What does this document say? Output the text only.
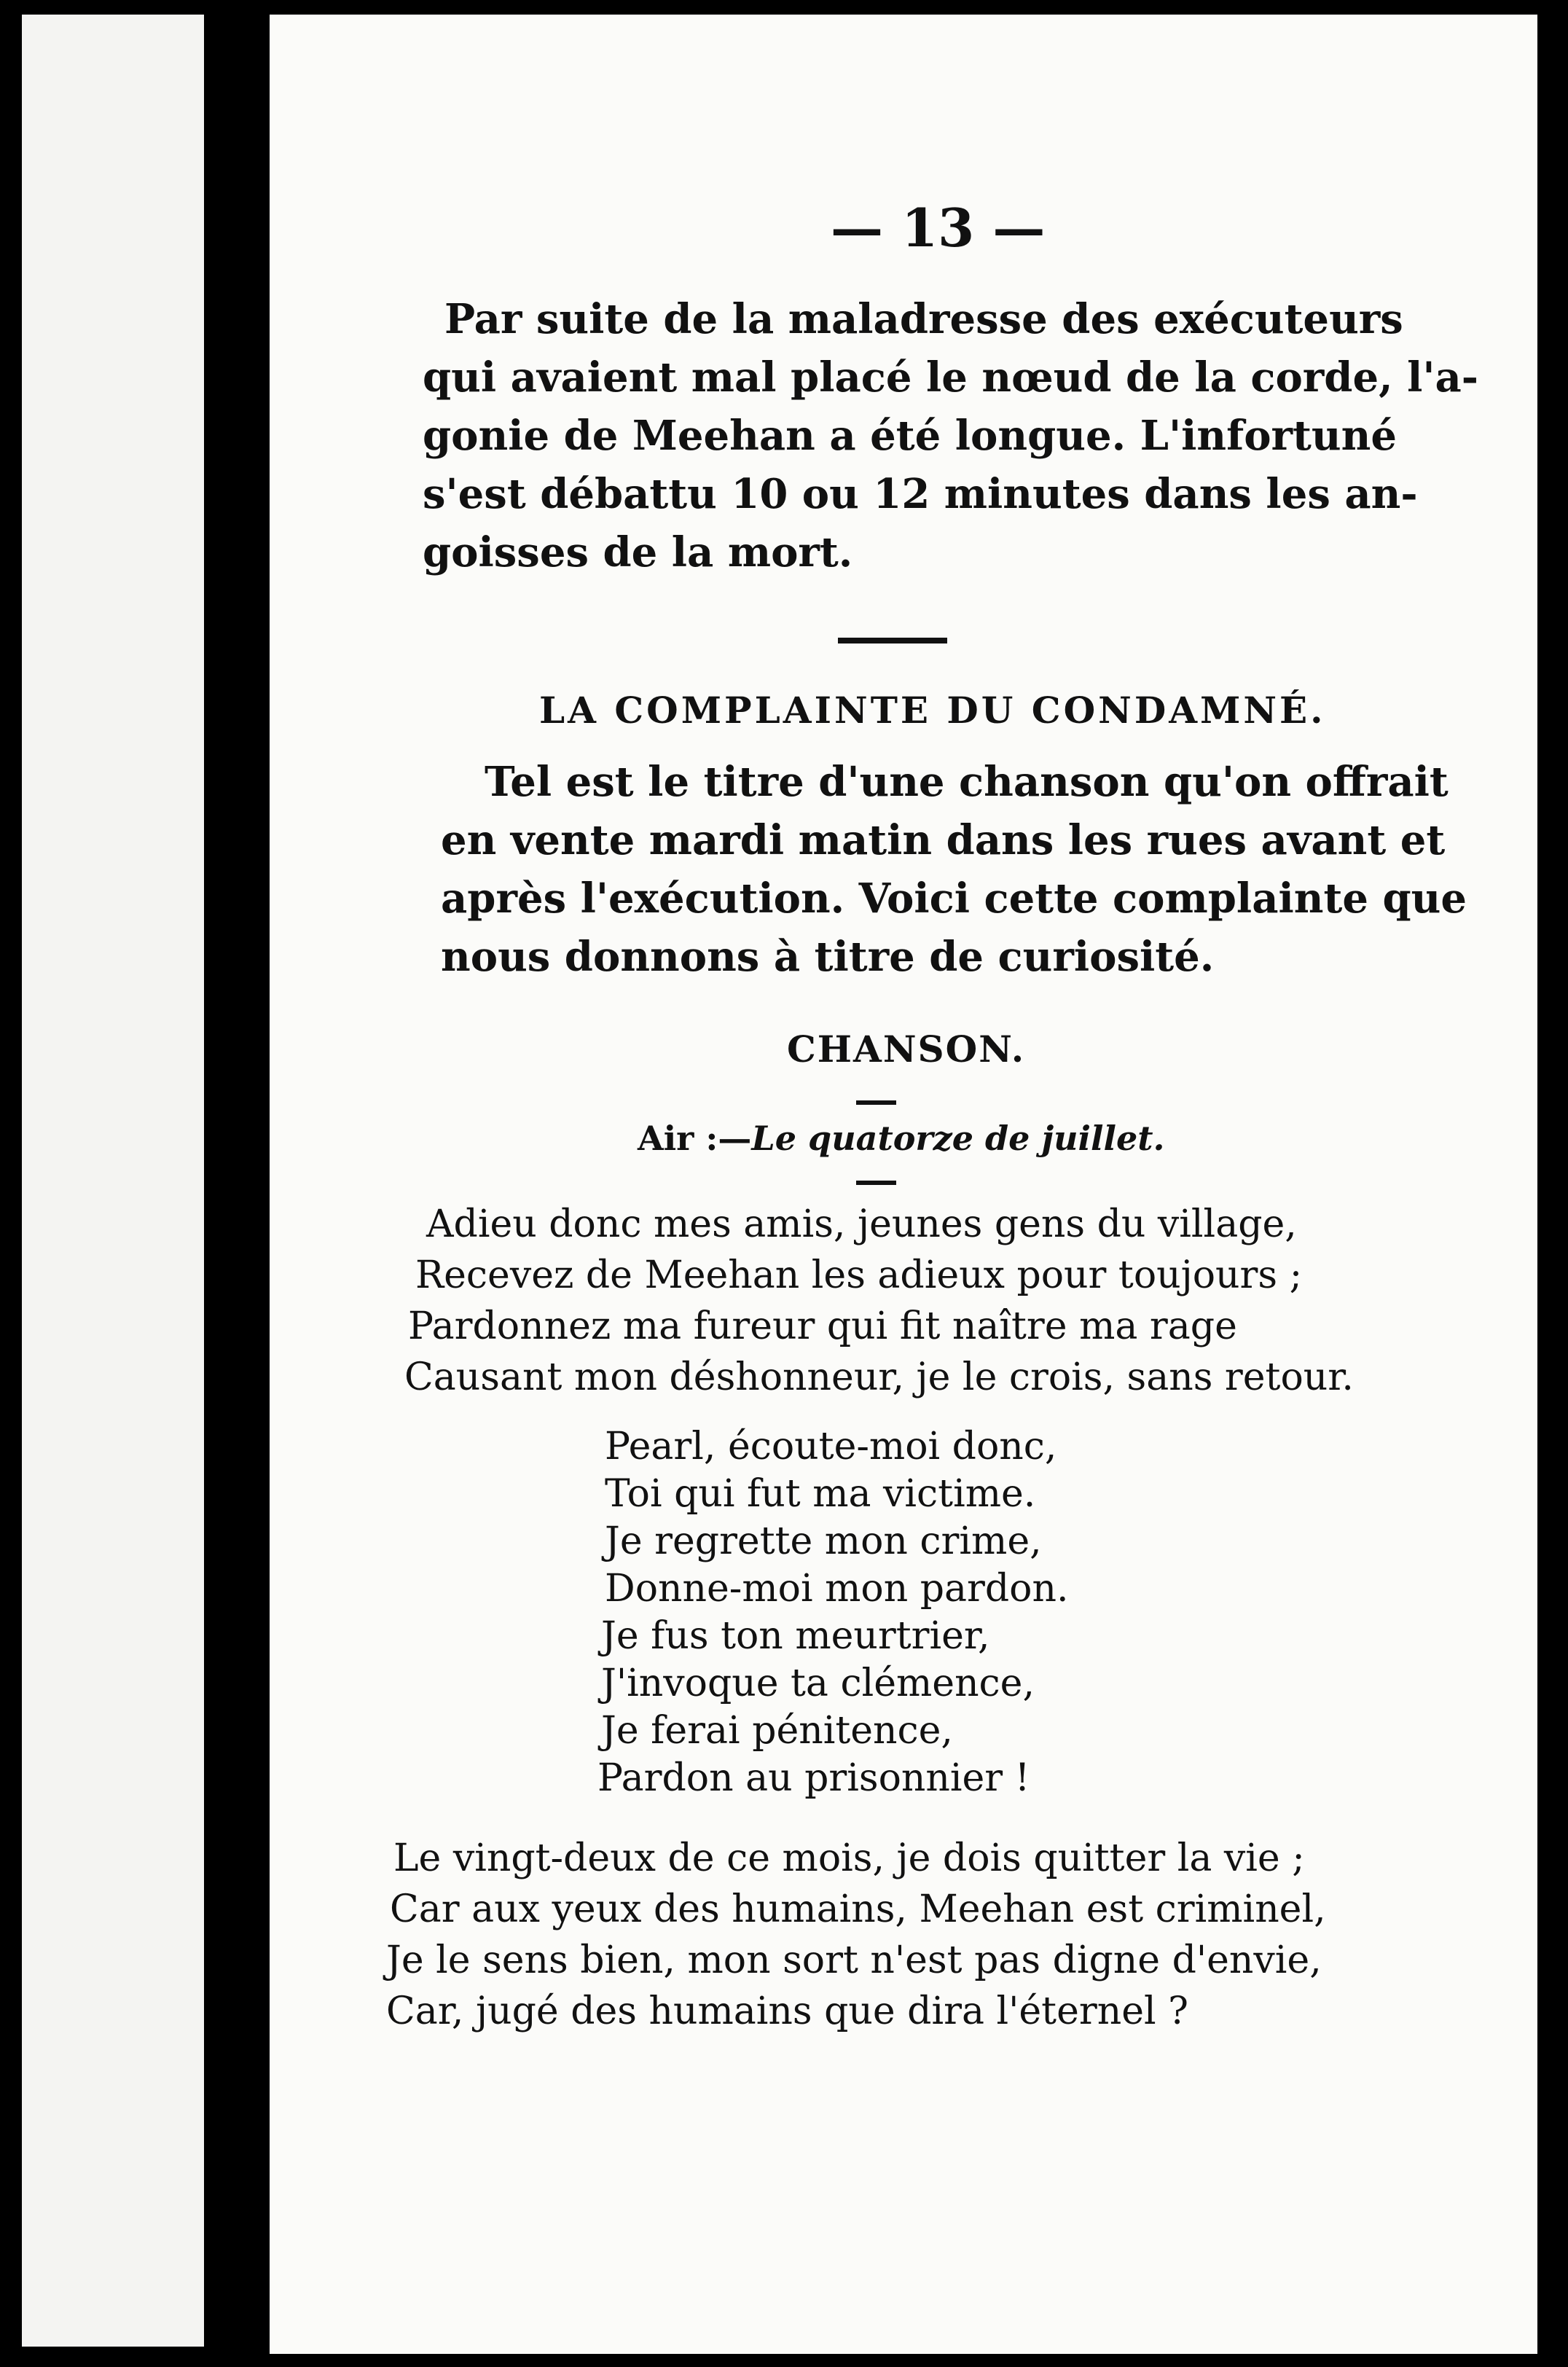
— 13 —
Par suite de la maladresse des exécuteurs
qui avaient mal placé le nœud de la corde, l'a-
gonie de Meehan a été longue. L'infortuné
s'est débattu 10 ou 12 minutes dans les an-
goisses de la mort.
LA COMPLAINTE DU CONDAMNÉ.
Tel est le titre d'une chanson qu'on offrait
en vente mardi matin dans les rues avant et
après l'exécution. Voici cette complainte que
nous donnons à titre de curiosité.
CHANSON.
Air :—Le quatorze de juillet.
Adieu donc mes amis, jeunes gens du village,
Recevez de Meehan les adieux pour toujours ;
Pardonnez ma fureur qui fit naître ma rage
Causant mon déshonneur, je le crois, sans retour.
Pearl, écoute-moi donc,
Toi qui fut ma victime.
Je regrette mon crime,
Donne-moi mon pardon.
Je fus ton meurtrier,
J'invoque ta clémence,
Je ferai pénitence,
Pardon au prisonnier !
Le vingt-deux de ce mois, je dois quitter la vie ;
Car aux yeux des humains, Meehan est criminel,
Je le sens bien, mon sort n'est pas digne d'envie,
Car, jugé des humains que dira l'éternel ?
